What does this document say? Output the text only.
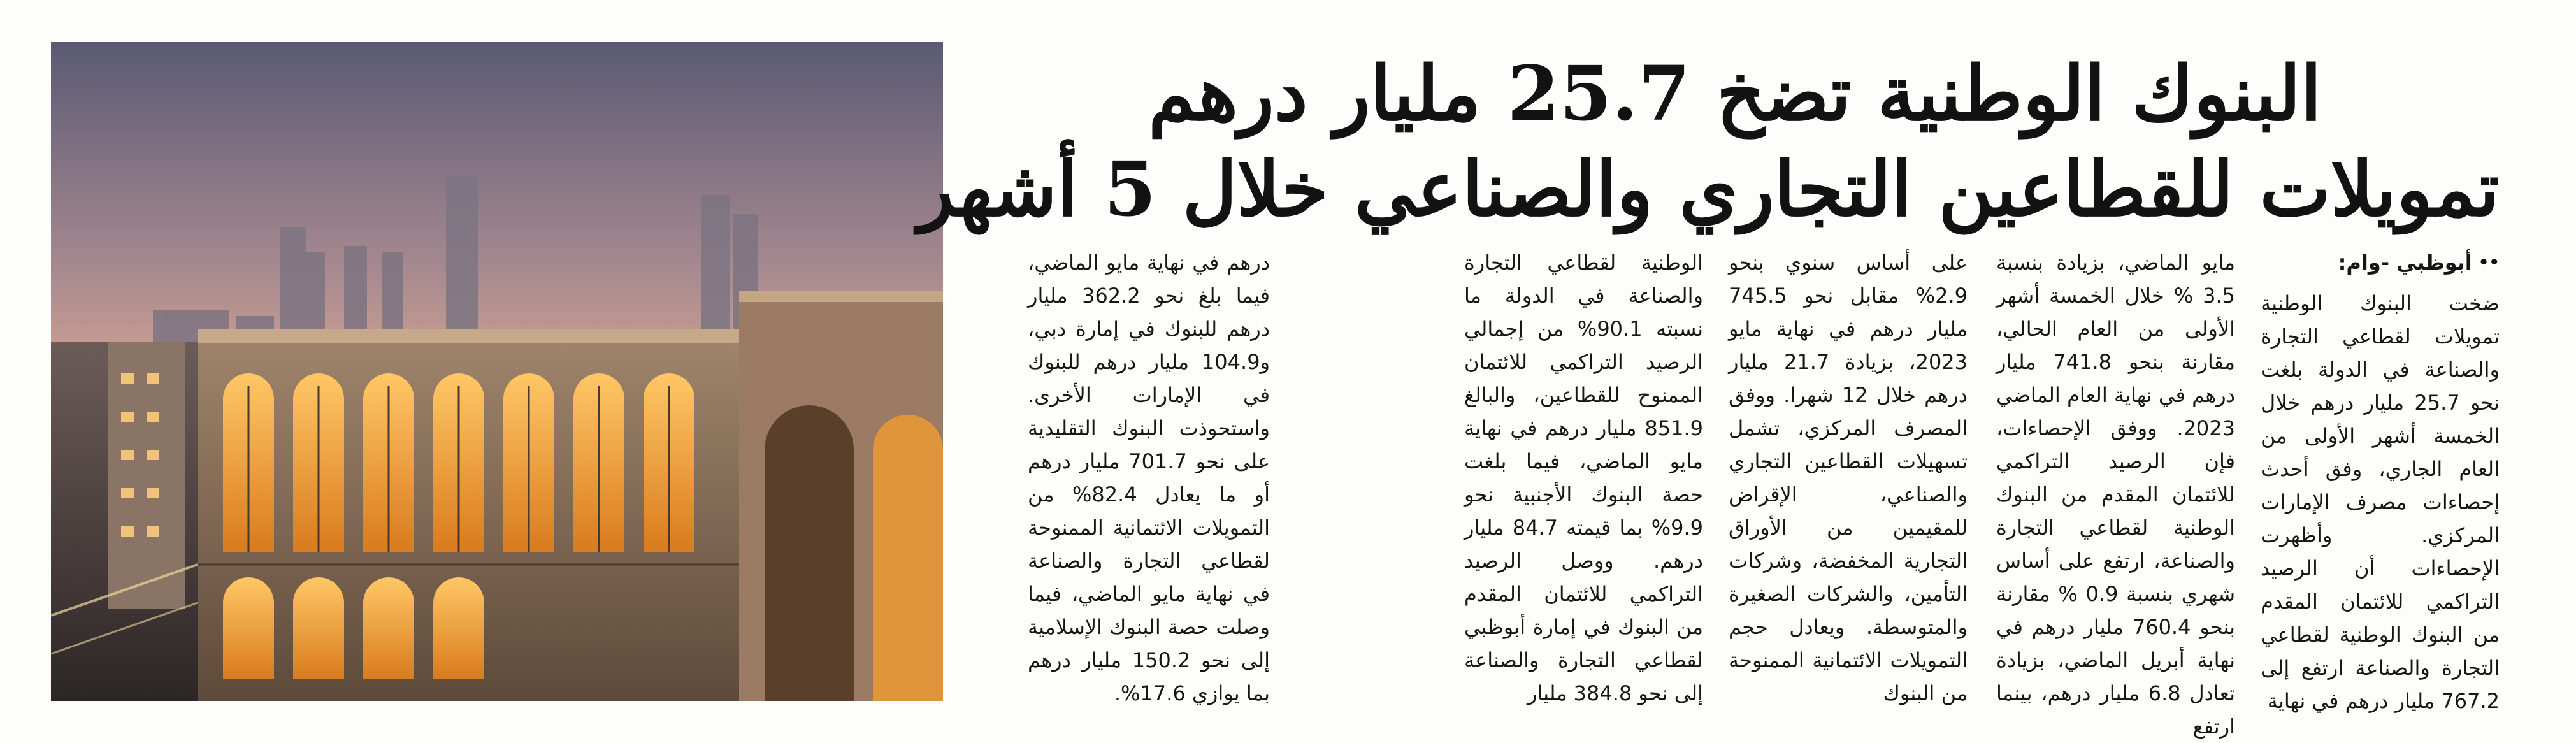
البنوك الوطنية تضخ 25.7 مليار درهم
تمويلات للقطاعين التجاري والصناعي خلال 5 أشهر
••
أبوظبي -وام:

ضخت البنوك الوطنية تمويلات لقطاعي التجارة والصناعة في الدولة بلغت نحو 25.7 مليار درهم خلال الخمسة أشهر الأولى من العام الجاري، وفق أحدث إحصاءات مصرف الإمارات المركزي. وأظهرت الإحصاءات أن الرصيد التراكمي للائتمان المقدم من البنوك الوطنية لقطاعي التجارة والصناعة ارتفع إلى 767.2 مليار درهم في نهاية

مايو الماضي، بزيادة بنسبة 3.5 % خلال الخمسة أشهر الأولى من العام الحالي، مقارنة بنحو 741.8 مليار درهم في نهاية العام الماضي 2023. ووفق الإحصاءات، فإن الرصيد التراكمي للائتمان المقدم من البنوك الوطنية لقطاعي التجارة والصناعة، ارتفع على أساس شهري بنسبة 0.9 % مقارنة بنحو 760.4 مليار درهم في نهاية أبريل الماضي، بزيادة تعادل 6.8 مليار درهم، بينما ارتفع

على أساس سنوي بنحو 2.9% مقابل نحو 745.5 مليار درهم في نهاية مايو 2023، بزيادة 21.7 مليار درهم خلال 12 شهرا. ووفق المصرف المركزي، تشمل تسهيلات القطاعين التجاري والصناعي، الإقراض للمقيمين من الأوراق التجارية المخفضة، وشركات التأمين، والشركات الصغيرة والمتوسطة. ويعادل حجم التمويلات الائتمانية الممنوحة من البنوك

الوطنية لقطاعي التجارة والصناعة في الدولة ما نسبته 90.1% من إجمالي الرصيد التراكمي للائتمان الممنوح للقطاعين، والبالغ 851.9 مليار درهم في نهاية مايو الماضي، فيما بلغت حصة البنوك الأجنبية نحو 9.9% بما قيمته 84.7 مليار درهم. ووصل الرصيد التراكمي للائتمان المقدم من البنوك في إمارة أبوظبي لقطاعي التجارة والصناعة إلى نحو 384.8 مليار

درهم في نهاية مايو الماضي، فيما بلغ نحو 362.2 مليار درهم للبنوك في إمارة دبي، و104.9 مليار درهم للبنوك في الإمارات الأخرى. واستحوذت البنوك التقليدية على نحو 701.7 مليار درهم أو ما يعادل 82.4% من التمويلات الائتمانية الممنوحة لقطاعي التجارة والصناعة في نهاية مايو الماضي، فيما وصلت حصة البنوك الإسلامية إلى نحو 150.2 مليار درهم بما يوازي 17.6%.
